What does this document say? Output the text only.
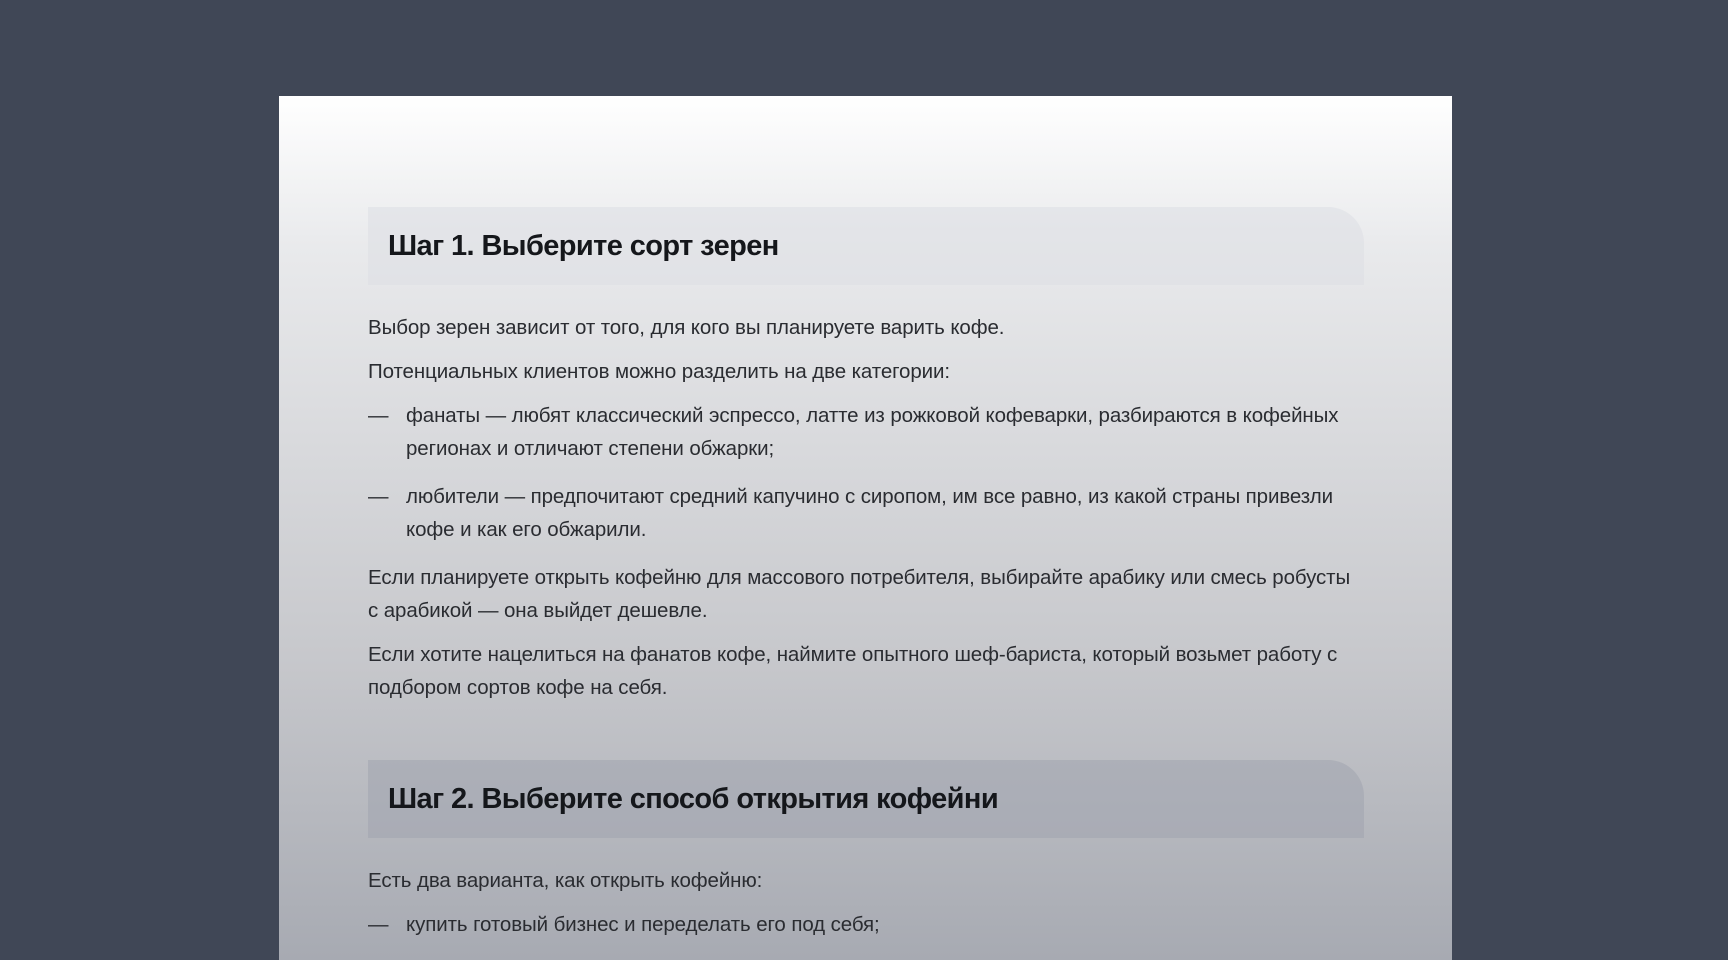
Шаг 1. Выберите сорт зерен

Выбор зерен зависит от того, для кого вы планируете варить кофе.

Потенциальных клиентов можно разделить на две категории:

— фанаты — любят классический эспрессо, латте из рожковой кофеварки, разбираются в кофейных регионах и отличают степени обжарки;
— любители — предпочитают средний капучино с сиропом, им все равно, из какой страны привезли кофе и как его обжарили.

Если планируете открыть кофейню для массового потребителя, выбирайте арабику или смесь робусты с арабикой — она выйдет дешевле.

Если хотите нацелиться на фанатов кофе, наймите опытного шеф-бариста, который возьмет работу с подбором сортов кофе на себя.

Шаг 2. Выберите способ открытия кофейни

Есть два варианта, как открыть кофейню:

— купить готовый бизнес и переделать его под себя;
